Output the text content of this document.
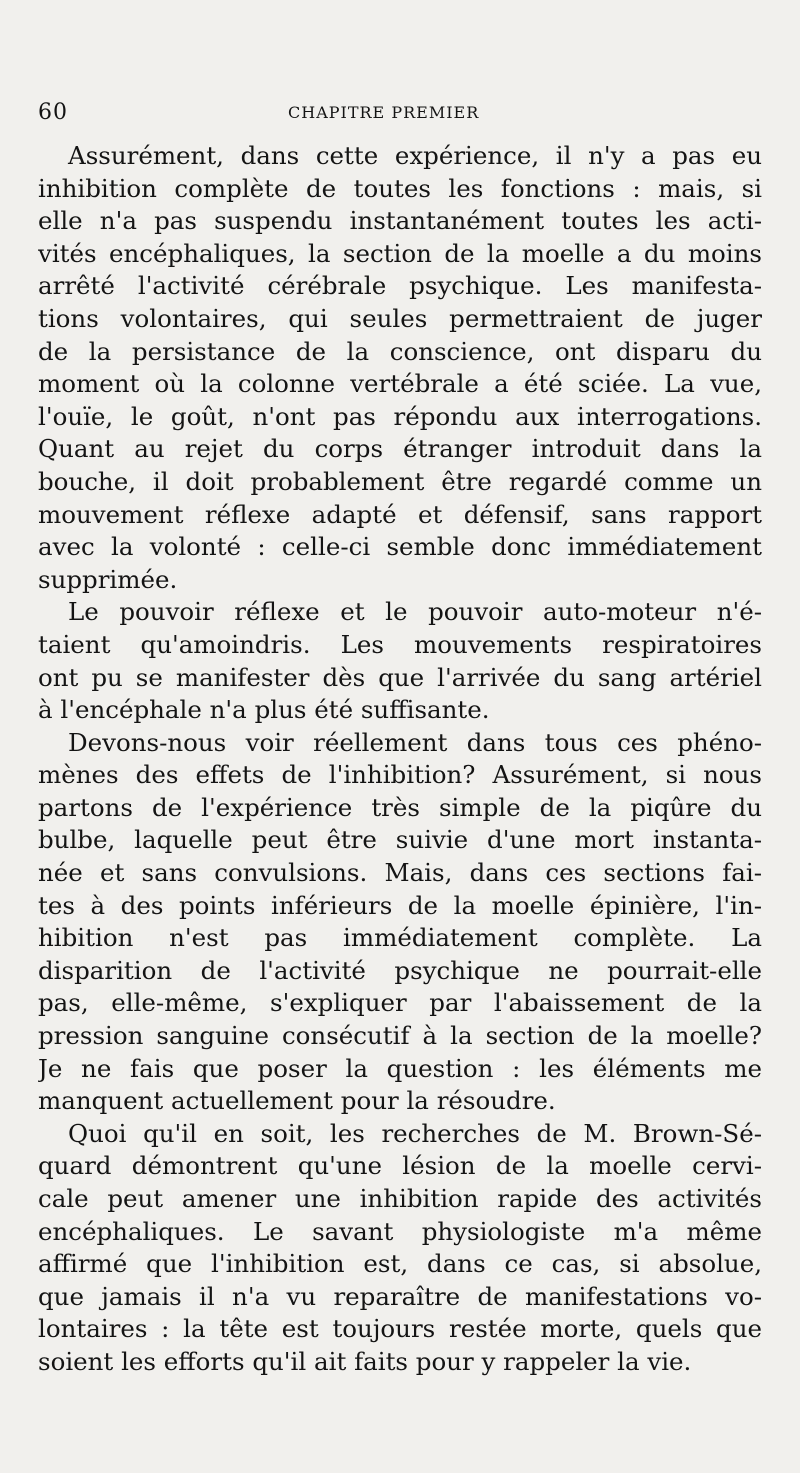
60	CHAPITRE PREMIER
Assurément, dans cette expérience, il n'y a pas eu
inhibition complète de toutes les fonctions : mais, si
elle n'a pas suspendu instantanément toutes les acti-
vités encéphaliques, la section de la moelle a du moins
arrêté l'activité cérébrale psychique. Les manifesta-
tions volontaires, qui seules permettraient de juger
de la persistance de la conscience, ont disparu du
moment où la colonne vertébrale a été sciée. La vue,
l'ouïe, le goût, n'ont pas répondu aux interrogations.
Quant au rejet du corps étranger introduit dans la
bouche, il doit probablement être regardé comme un
mouvement réflexe adapté et défensif, sans rapport
avec la volonté : celle-ci semble donc immédiatement
supprimée.
Le pouvoir réflexe et le pouvoir auto-moteur n'é-
taient qu'amoindris. Les mouvements respiratoires
ont pu se manifester dès que l'arrivée du sang artériel
à l'encéphale n'a plus été suffisante.
Devons-nous voir réellement dans tous ces phéno-
mènes des effets de l'inhibition? Assurément, si nous
partons de l'expérience très simple de la piqûre du
bulbe, laquelle peut être suivie d'une mort instanta-
née et sans convulsions. Mais, dans ces sections fai-
tes à des points inférieurs de la moelle épinière, l'in-
hibition n'est pas immédiatement complète. La
disparition de l'activité psychique ne pourrait-elle
pas, elle-même, s'expliquer par l'abaissement de la
pression sanguine consécutif à la section de la moelle?
Je ne fais que poser la question : les éléments me
manquent actuellement pour la résoudre.
Quoi qu'il en soit, les recherches de M. Brown-Sé-
quard démontrent qu'une lésion de la moelle cervi-
cale peut amener une inhibition rapide des activités
encéphaliques. Le savant physiologiste m'a même
affirmé que l'inhibition est, dans ce cas, si absolue,
que jamais il n'a vu reparaître de manifestations vo-
lontaires : la tête est toujours restée morte, quels que
soient les efforts qu'il ait faits pour y rappeler la vie.
